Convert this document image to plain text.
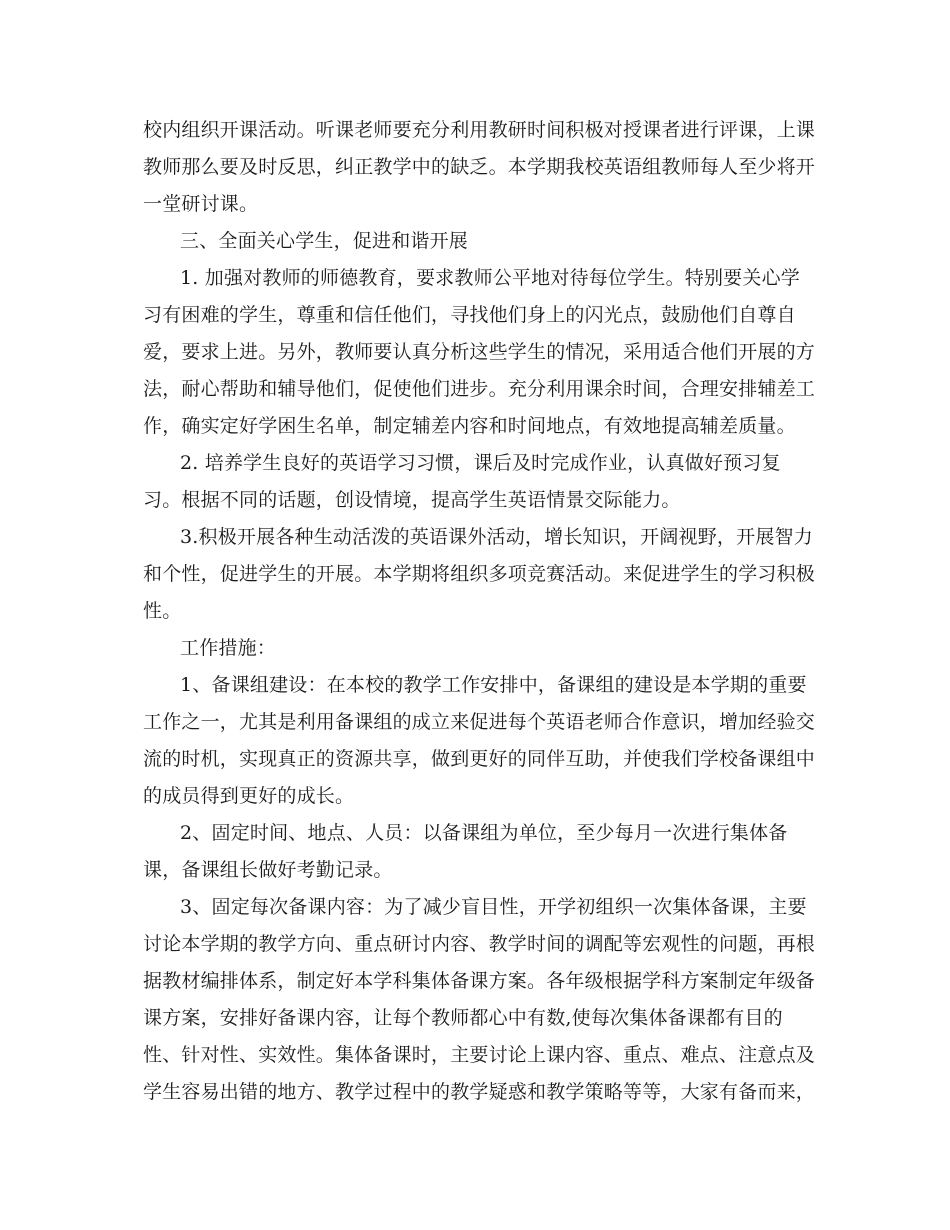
校内组织开课活动。听课老师要充分利用教研时间积极对授课者进行评课，上课
教师那么要及时反思，纠正教学中的缺乏。本学期我校英语组教师每人至少将开
一堂研讨课。
三、全面关心学生，促进和谐开展
1. 加强对教师的师德教育，要求教师公平地对待每位学生。特别要关心学
习有困难的学生，尊重和信任他们，寻找他们身上的闪光点，鼓励他们自尊自
爱，要求上进。另外，教师要认真分析这些学生的情况，采用适合他们开展的方
法，耐心帮助和辅导他们，促使他们进步。充分利用课余时间，合理安排辅差工
作，确实定好学困生名单，制定辅差内容和时间地点，有效地提高辅差质量。
2. 培养学生良好的英语学习习惯，课后及时完成作业，认真做好预习复
习。根据不同的话题，创设情境，提高学生英语情景交际能力。
3.积极开展各种生动活泼的英语课外活动，增长知识，开阔视野，开展智力
和个性，促进学生的开展。本学期将组织多项竞赛活动。来促进学生的学习积极
性。
工作措施：
1、备课组建设：在本校的教学工作安排中，备课组的建设是本学期的重要
工作之一，尤其是利用备课组的成立来促进每个英语老师合作意识，增加经验交
流的时机，实现真正的资源共享，做到更好的同伴互助，并使我们学校备课组中
的成员得到更好的成长。
2、固定时间、地点、人员：以备课组为单位，至少每月一次进行集体备
课，备课组长做好考勤记录。
3、固定每次备课内容：为了减少盲目性，开学初组织一次集体备课，主要
讨论本学期的教学方向、重点研讨内容、教学时间的调配等宏观性的问题，再根
据教材编排体系，制定好本学科集体备课方案。各年级根据学科方案制定年级备
课方案，安排好备课内容，让每个教师都心中有数,使每次集体备课都有目的
性、针对性、实效性。集体备课时，主要讨论上课内容、重点、难点、注意点及
学生容易出错的地方、教学过程中的教学疑惑和教学策略等等，大家有备而来，
